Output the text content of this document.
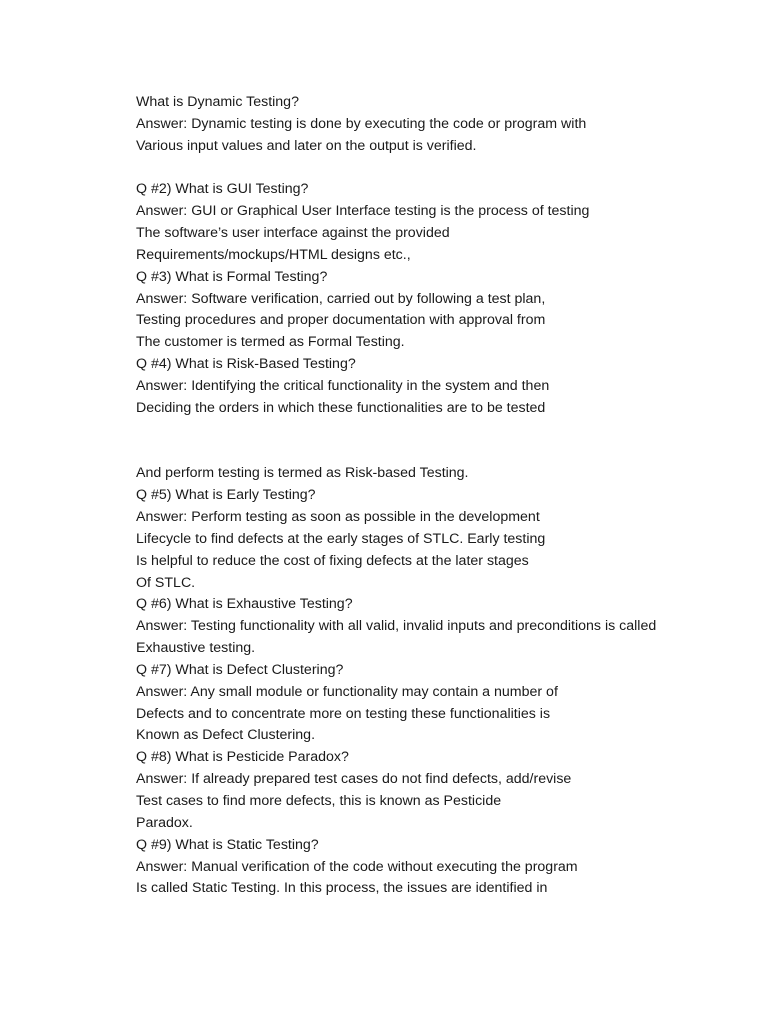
What is Dynamic Testing?
Answer: Dynamic testing is done by executing the code or program with
Various input values and later on the output is verified.
Q #2) What is GUI Testing?
Answer: GUI or Graphical User Interface testing is the process of testing
The software’s user interface against the provided
Requirements/mockups/HTML designs etc.,
Q #3) What is Formal Testing?
Answer: Software verification, carried out by following a test plan,
Testing procedures and proper documentation with approval from
The customer is termed as Formal Testing.
Q #4) What is Risk-Based Testing?
Answer: Identifying the critical functionality in the system and then
Deciding the orders in which these functionalities are to be tested
And perform testing is termed as Risk-based Testing.
Q #5) What is Early Testing?
Answer: Perform testing as soon as possible in the development
Lifecycle to find defects at the early stages of STLC. Early testing
Is helpful to reduce the cost of fixing defects at the later stages
Of STLC.
Q #6) What is Exhaustive Testing?
Answer: Testing functionality with all valid, invalid inputs and preconditions is called
Exhaustive testing.
Q #7) What is Defect Clustering?
Answer: Any small module or functionality may contain a number of
Defects and to concentrate more on testing these functionalities is
Known as Defect Clustering.
Q #8) What is Pesticide Paradox?
Answer: If already prepared test cases do not find defects, add/revise
Test cases to find more defects, this is known as Pesticide
Paradox.
Q #9) What is Static Testing?
Answer: Manual verification of the code without executing the program
Is called Static Testing. In this process, the issues are identified in
